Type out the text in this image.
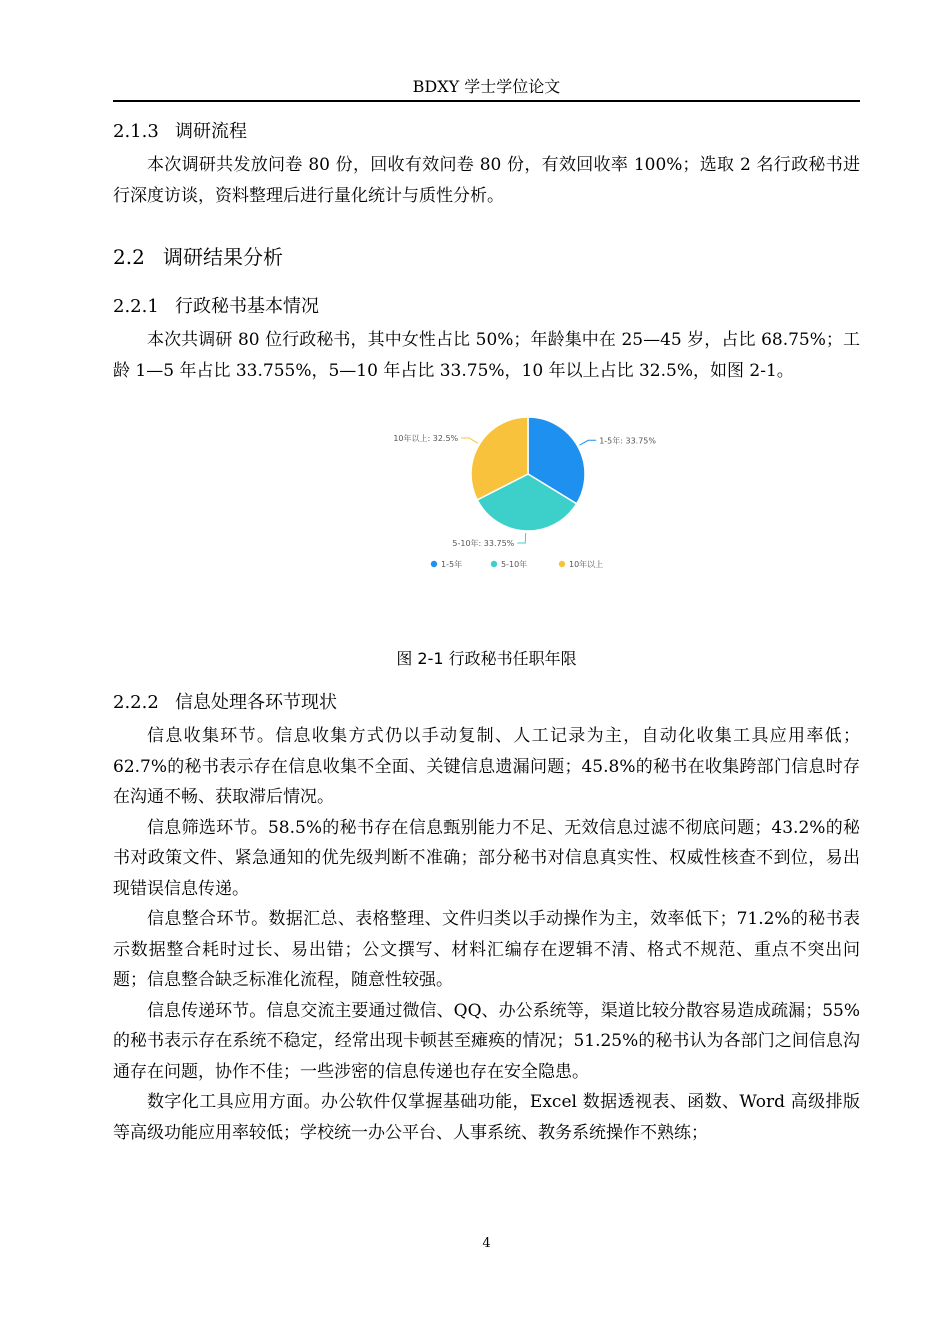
BDXY 学士学位论文
2.1.3 调研流程

本次调研共发放问卷 80 份，回收有效问卷 80 份，有效回收率 100%；选取 2 名行政秘书进行深度访谈，资料整理后进行量化统计与质性分析。

2.2 调研结果分析
2.2.1 行政秘书基本情况

本次共调研 80 位行政秘书，其中女性占比 50%；年龄集中在 25—45 岁，占比 68.75%；工龄 1—5 年占比 33.755%，5—10 年占比 33.75%，10 年以上占比 32.5%，如图 2-1。

1-5年: 33.75%
5-10年: 33.75%
10年以上: 32.5%
1-5年	5-10年	10年以上
图 2-1 行政秘书任职年限
2.2.2 信息处理各环节现状

信息收集环节。信息收集方式仍以手动复制、人工记录为主，自动化收集工具应用率低；62.7%的秘书表示存在信息收集不全面、关键信息遗漏问题；45.8%的秘书在收集跨部门信息时存在沟通不畅、获取滞后情况。

信息筛选环节。58.5%的秘书存在信息甄别能力不足、无效信息过滤不彻底问题；43.2%的秘书对政策文件、紧急通知的优先级判断不准确；部分秘书对信息真实性、权威性核查不到位，易出现错误信息传递。

信息整合环节。数据汇总、表格整理、文件归类以手动操作为主，效率低下；71.2%的秘书表示数据整合耗时过长、易出错；公文撰写、材料汇编存在逻辑不清、格式不规范、重点不突出问题；信息整合缺乏标准化流程，随意性较强。

信息传递环节。信息交流主要通过微信、QQ、办公系统等，渠道比较分散容易造成疏漏；55%的秘书表示存在系统不稳定，经常出现卡顿甚至瘫痪的情况；51.25%的秘书认为各部门之间信息沟通存在问题，协作不佳；一些涉密的信息传递也存在安全隐患。

数字化工具应用方面。办公软件仅掌握基础功能，Excel 数据透视表、函数、Word 高级排版等高级功能应用率较低；学校统一办公平台、人事系统、教务系统操作不熟练；

4
